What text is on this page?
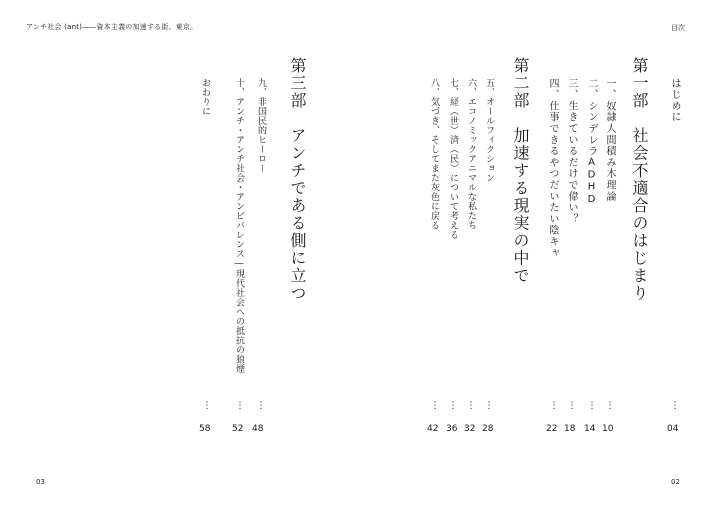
アンチ社会 (ant)――資本主義の加速する街、東京。	目次
はじめに
⋮
04
第一部　社会不適合のはじまり
一、奴隷人間積み木理論
二、シンデレラADHD
三、生きているだけで偉い？
四、仕事できるやつだいたい陰キャ
⋮
⋮
⋮
⋮
10
14
18
22
第二部　加速する現実の中で
五、オールフィクション
六、エコノミックアニマルな私たち
七、経（世）済（民）について考える
八、気づき、そしてまた灰色に戻る
⋮
⋮
⋮
⋮
28
32
36
42
第三部　アンチである側に立つ
九、非国民的ヒーロー
十、アンチ・アンチ社会・アンビバレンス―現代社会への抵抗の狼煙
おわりに
⋮
⋮
⋮
48
52
58
03	02
